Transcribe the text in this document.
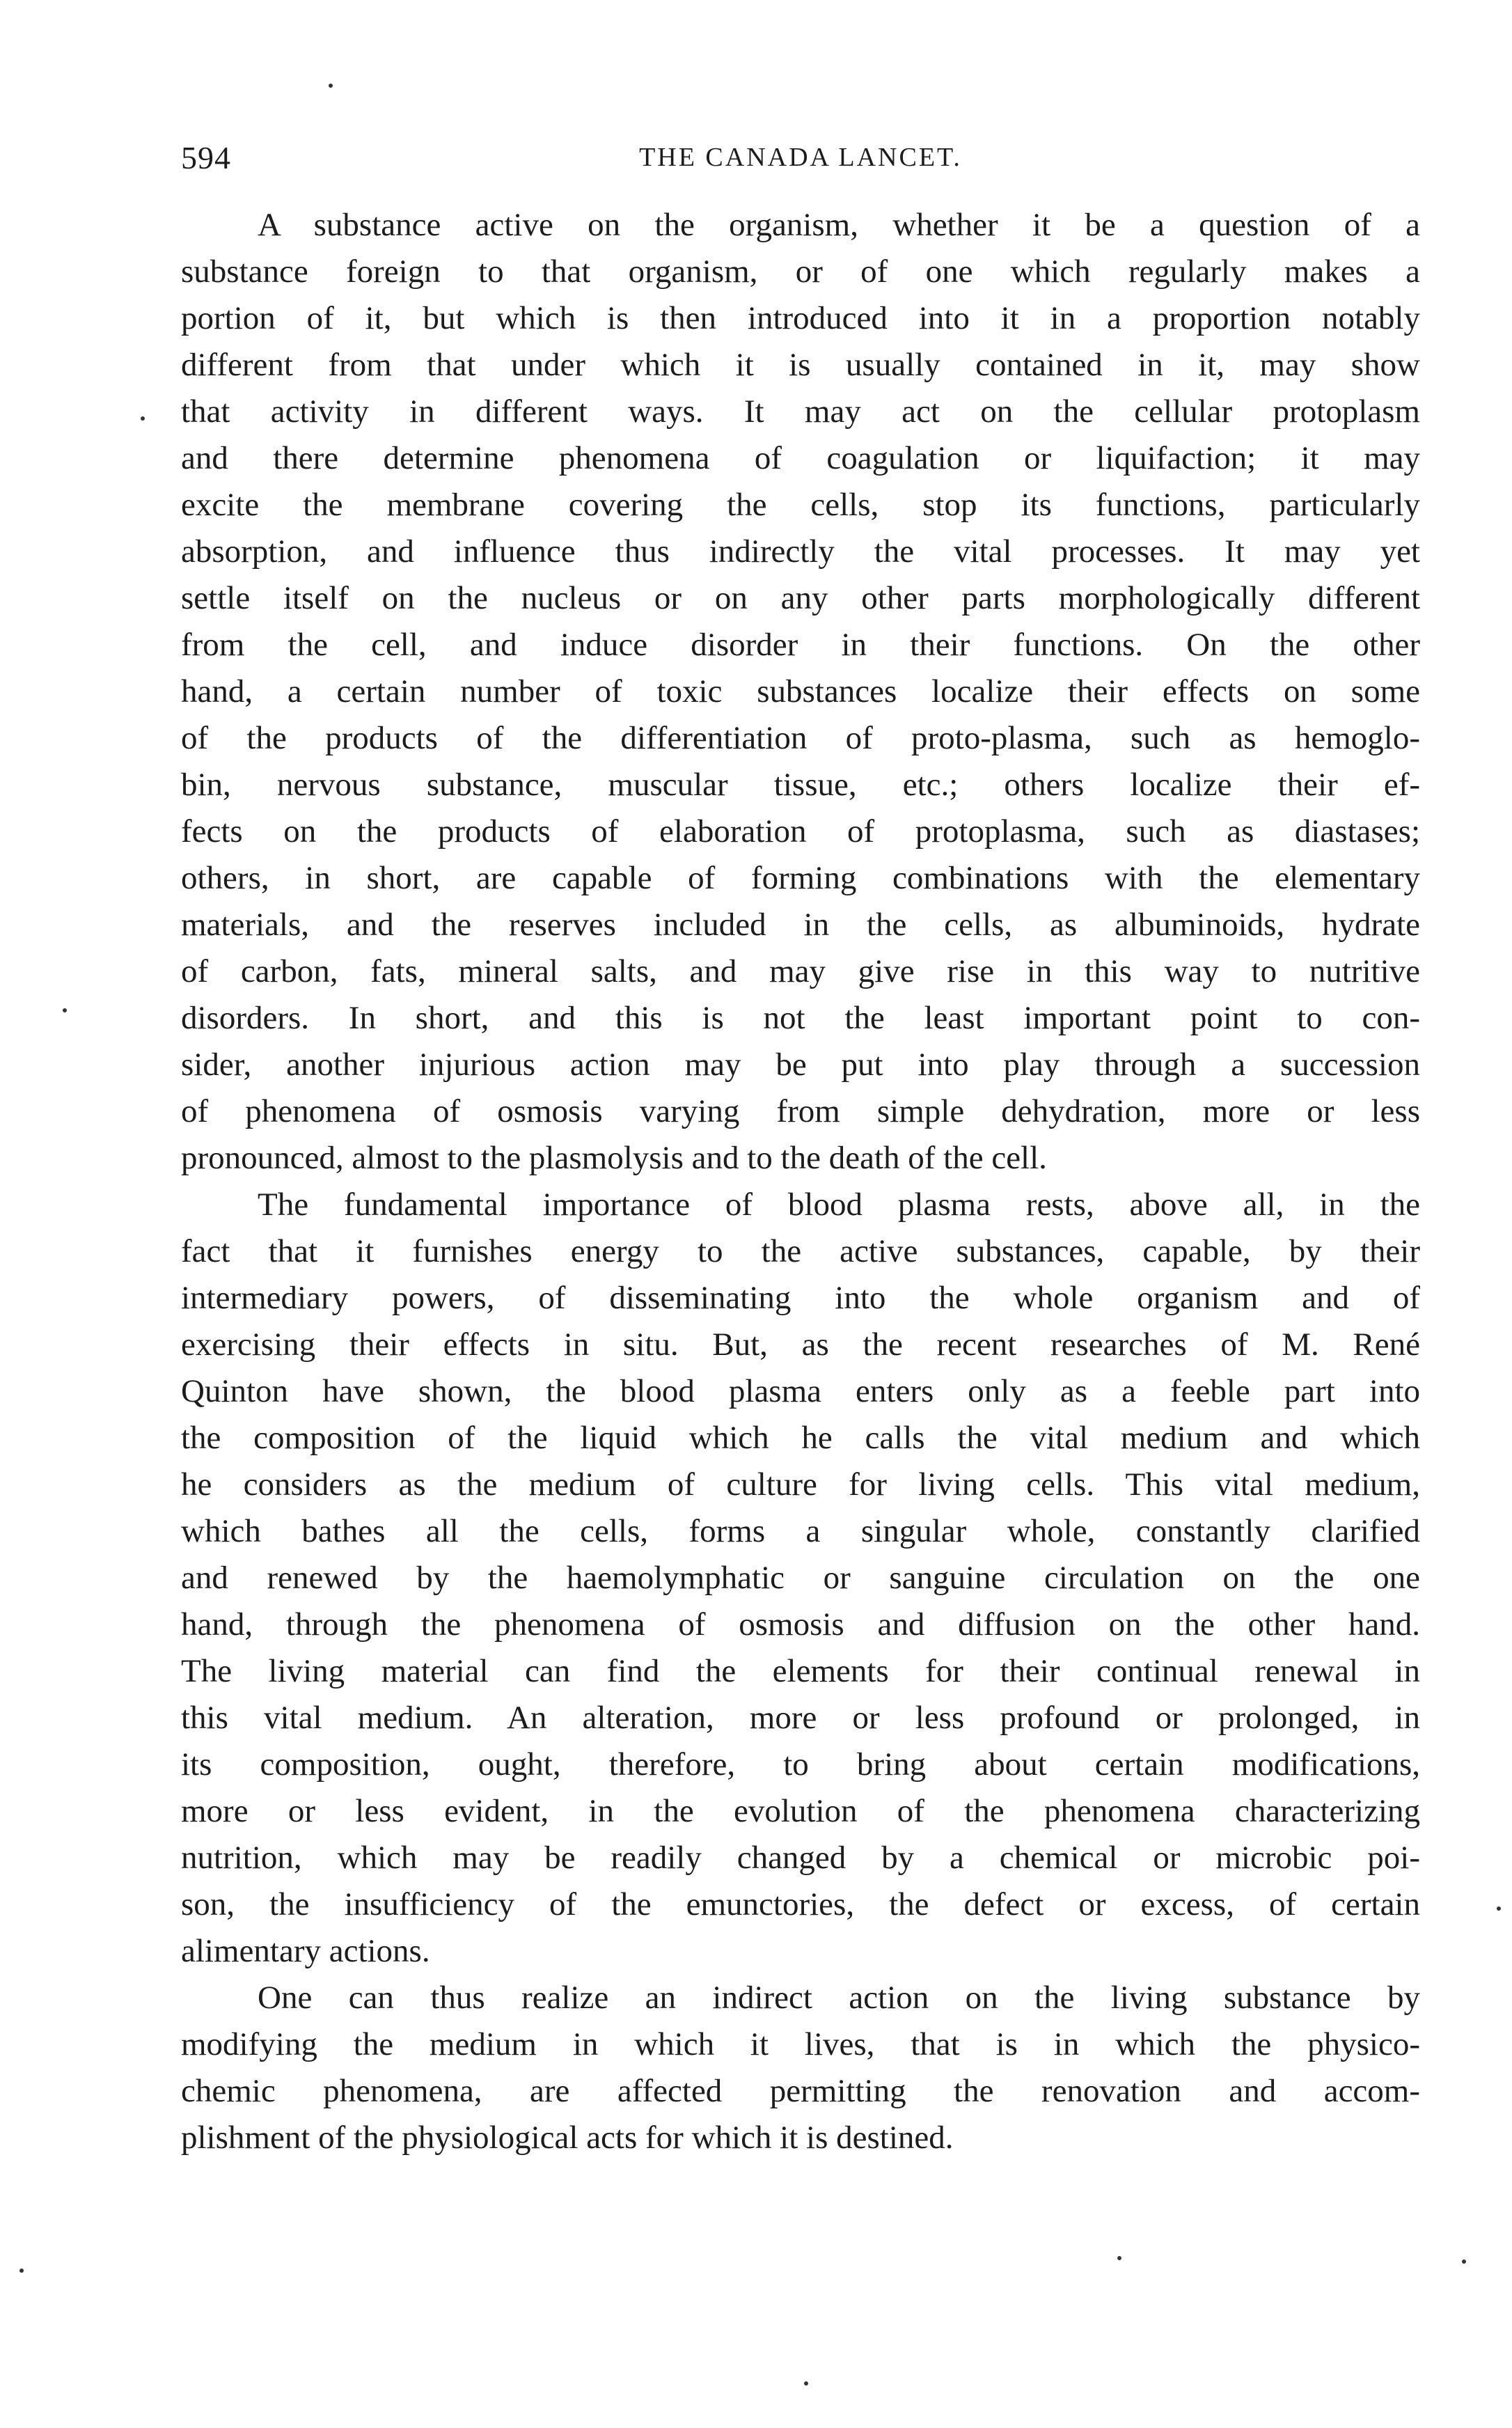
594	THE CANADA LANCET.
A substance active on the organism, whether it be a question of a
substance foreign to that organism, or of one which regularly makes a
portion of it, but which is then introduced into it in a proportion notably
different from that under which it is usually contained in it, may show
that activity in different ways. It may act on the cellular protoplasm
and there determine phenomena of coagulation or liquifaction; it may
excite the membrane covering the cells, stop its functions, particularly
absorption, and influence thus indirectly the vital processes. It may yet
settle itself on the nucleus or on any other parts morphologically different
from the cell, and induce disorder in their functions. On the other
hand, a certain number of toxic substances localize their effects on some
of the products of the differentiation of proto-plasma, such as hemoglo-
bin, nervous substance, muscular tissue, etc.; others localize their ef-
fects on the products of elaboration of protoplasma, such as diastases;
others, in short, are capable of forming combinations with the elementary
materials, and the reserves included in the cells, as albuminoids, hydrate
of carbon, fats, mineral salts, and may give rise in this way to nutritive
disorders. In short, and this is not the least important point to con-
sider, another injurious action may be put into play through a succession
of phenomena of osmosis varying from simple dehydration, more or less
pronounced, almost to the plasmolysis and to the death of the cell.
The fundamental importance of blood plasma rests, above all, in the
fact that it furnishes energy to the active substances, capable, by their
intermediary powers, of disseminating into the whole organism and of
exercising their effects in situ. But, as the recent researches of M. René
Quinton have shown, the blood plasma enters only as a feeble part into
the composition of the liquid which he calls the vital medium and which
he considers as the medium of culture for living cells. This vital medium,
which bathes all the cells, forms a singular whole, constantly clarified
and renewed by the haemolymphatic or sanguine circulation on the one
hand, through the phenomena of osmosis and diffusion on the other hand.
The living material can find the elements for their continual renewal in
this vital medium. An alteration, more or less profound or prolonged, in
its composition, ought, therefore, to bring about certain modifications,
more or less evident, in the evolution of the phenomena characterizing
nutrition, which may be readily changed by a chemical or microbic poi-
son, the insufficiency of the emunctories, the defect or excess, of certain
alimentary actions.
One can thus realize an indirect action on the living substance by
modifying the medium in which it lives, that is in which the physico-
chemic phenomena, are affected permitting the renovation and accom-
plishment of the physiological acts for which it is destined.
